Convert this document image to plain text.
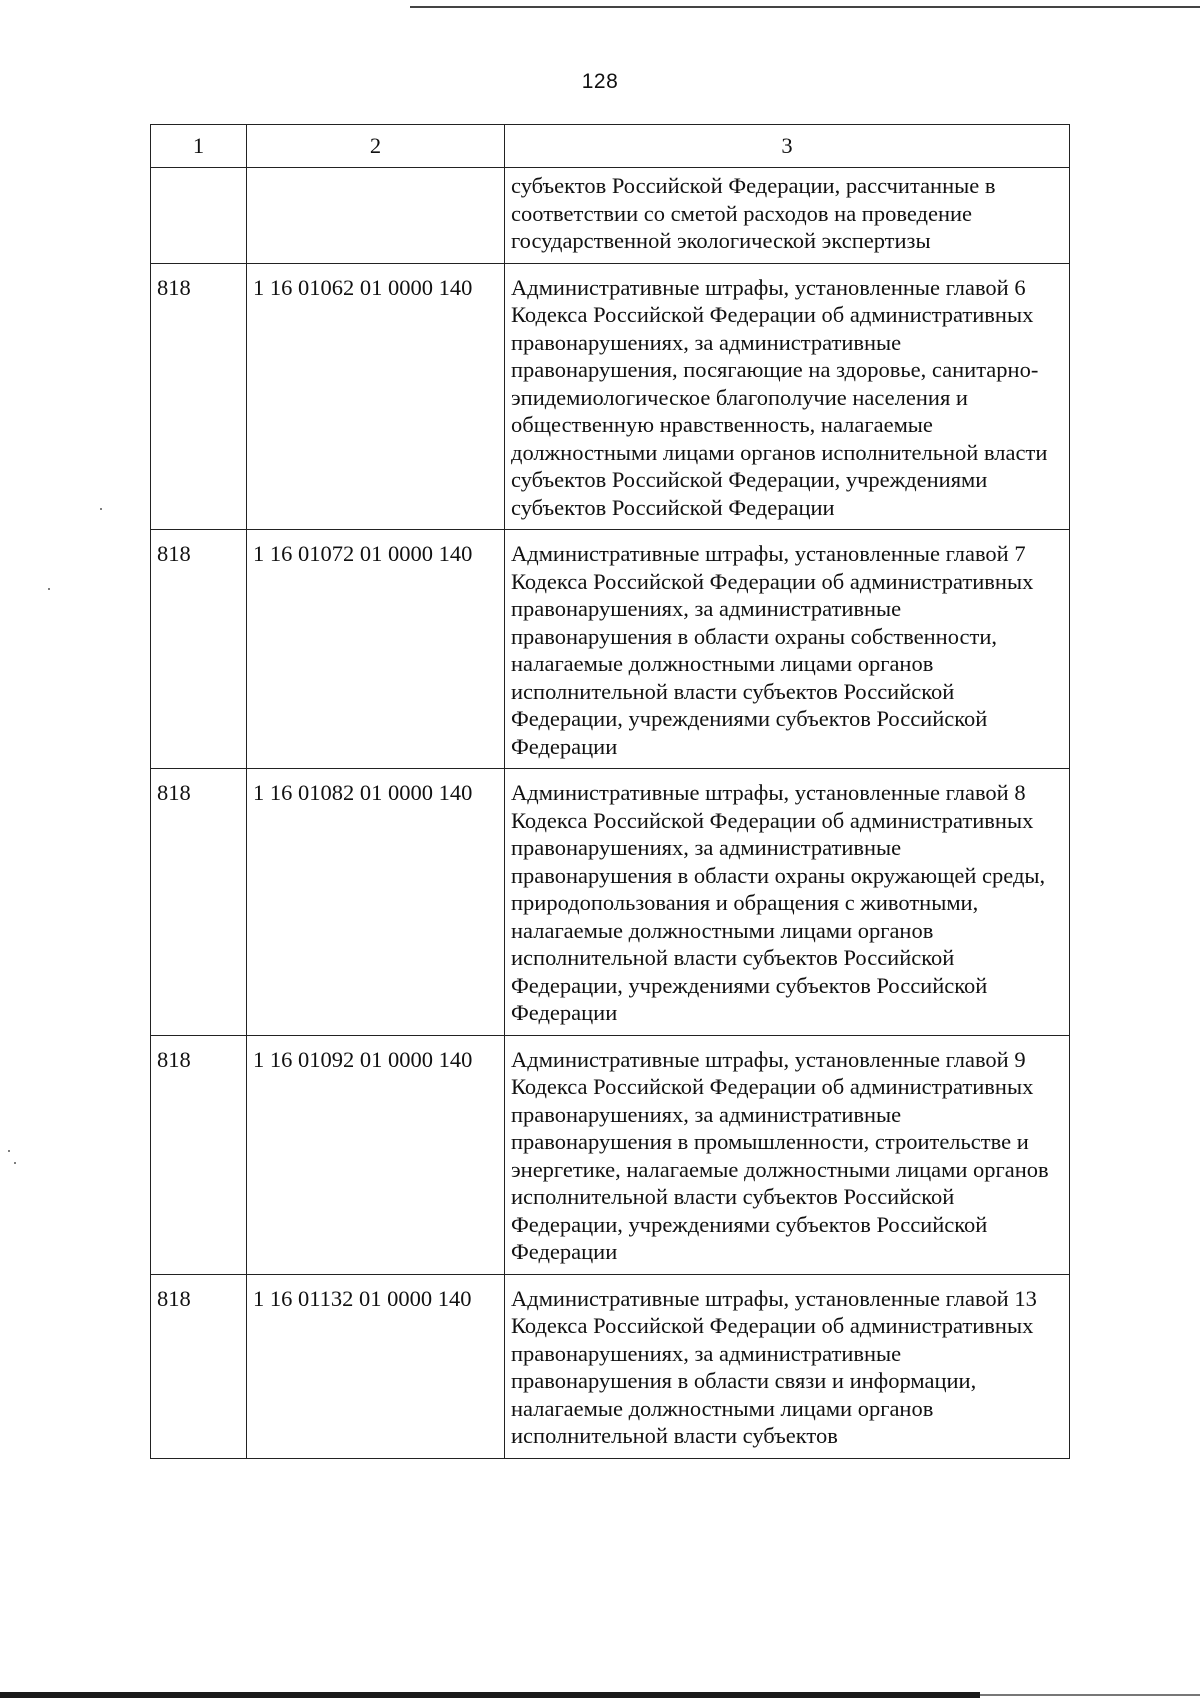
128
1	2	3
		субъектов Российской Федерации, рассчитанные в соответствии со сметой расходов на проведение государственной экологической экспертизы
818	1 16 01062 01 0000 140	Административные штрафы, установленные главой 6 Кодекса Российской Федерации об административных правонарушениях, за административные правонарушения, посягающие на здоровье, санитарно-эпидемиологическое благополучие населения и общественную нравственность, налагаемые должностными лицами органов исполнительной власти субъектов Российской Федерации, учреждениями субъектов Российской Федерации
818	1 16 01072 01 0000 140	Административные штрафы, установленные главой 7 Кодекса Российской Федерации об административных правонарушениях, за административные правонарушения в области охраны собственности, налагаемые должностными лицами органов исполнительной власти субъектов Российской Федерации, учреждениями субъектов Российской Федерации
818	1 16 01082 01 0000 140	Административные штрафы, установленные главой 8 Кодекса Российской Федерации об административных правонарушениях, за административные правонарушения в области охраны окружающей среды, природопользования и обращения с животными, налагаемые должностными лицами органов исполнительной власти субъектов Российской Федерации, учреждениями субъектов Российской Федерации
818	1 16 01092 01 0000 140	Административные штрафы, установленные главой 9 Кодекса Российской Федерации об административных правонарушениях, за административные правонарушения в промышленности, строительстве и энергетике, налагаемые должностными лицами органов исполнительной власти субъектов Российской Федерации, учреждениями субъектов Российской Федерации
818	1 16 01132 01 0000 140	Административные штрафы, установленные главой 13 Кодекса Российской Федерации об административных правонарушениях, за административные правонарушения в области связи и информации, налагаемые должностными лицами органов исполнительной власти субъектов
